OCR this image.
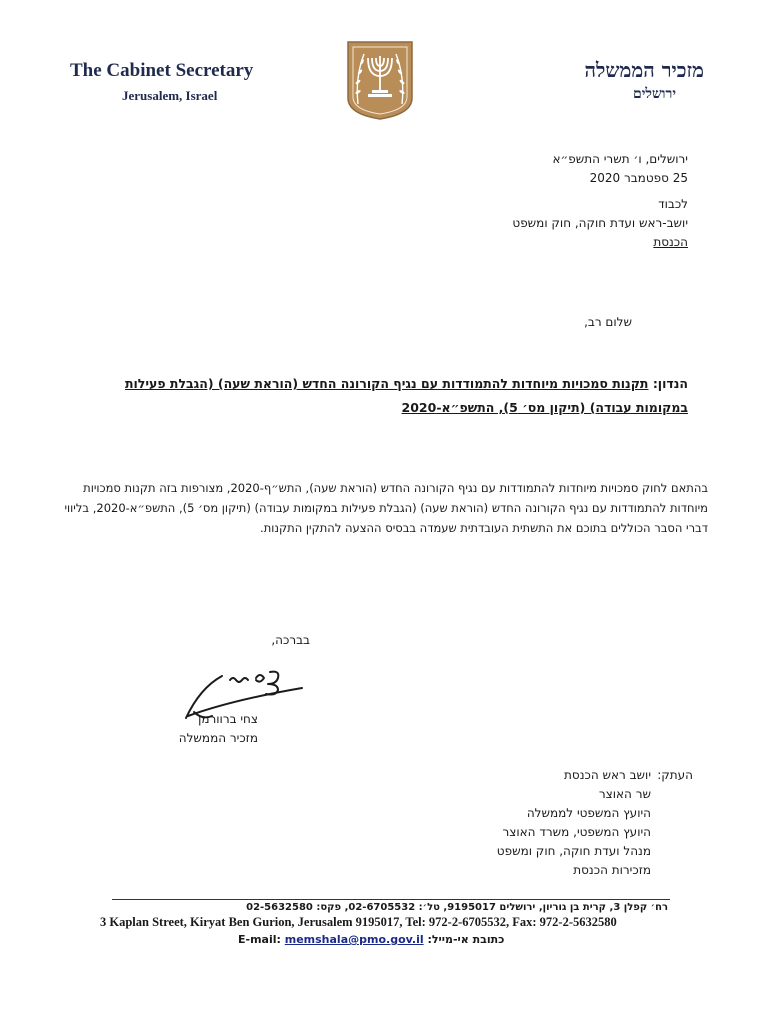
The Cabinet Secretary
Jerusalem, Israel
מזכיר הממשלה
ירושלים
ירושלים, ו׳ תשרי התשפ״א
25 ספטמבר 2020
לכבוד
יושב-ראש ועדת חוקה, חוק ומשפט
הכנסת
שלום רב,
הנדון: תקנות סמכויות מיוחדות להתמודדות עם נגיף הקורונה החדש (הוראת שעה) (הגבלת פעילות במקומות עבודה) (תיקון מס׳ 5), התשפ״א-2020
בהתאם לחוק סמכויות מיוחדות להתמודדות עם נגיף הקורונה החדש (הוראת שעה), התש״ף-2020, מצורפות בזה תקנות סמכויות מיוחדות להתמודדות עם נגיף הקורונה החדש (הוראת שעה) (הגבלת פעילות במקומות עבודה) (תיקון מס׳ 5), התשפ״א-2020, בליווי דברי הסבר הכוללים בתוכם את התשתית העובדתית שעמדה בבסיס ההצעה להתקין התקנות.
בברכה,
צחי ברוורמן
מזכיר הממשלה
העתק:
יושב ראש הכנסת
שר האוצר
היועץ המשפטי לממשלה
היועץ המשפטי, משרד האוצר
מנהל ועדת חוקה, חוק ומשפט
מזכירות הכנסת
רח׳ קפלן 3, קרית בן גוריון, ירושלים 9195017, טל׳: 02-6705532, פקס: 02-5632580
3 Kaplan Street, Kiryat Ben Gurion, Jerusalem 9195017, Tel: 972-2-6705532, Fax: 972-2-5632580
E-mail: memshala@pmo.gov.il :כתובת אי-מייל
